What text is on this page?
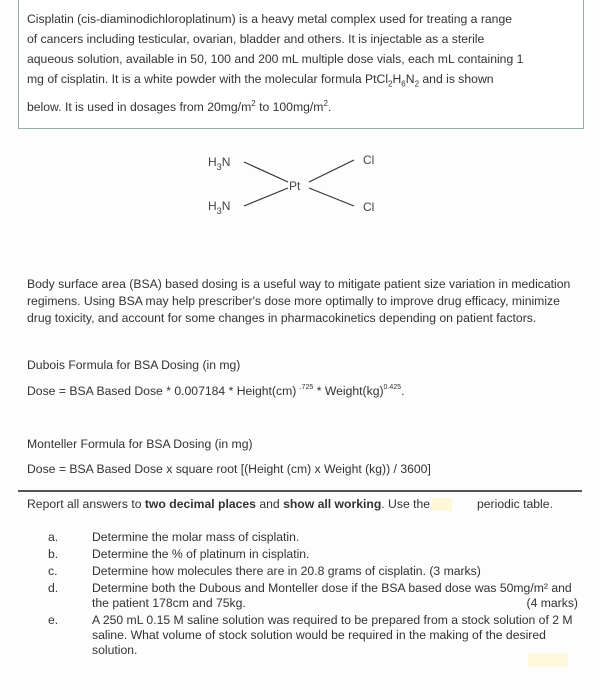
Cisplatin (cis-diaminodichloroplatinum) is a heavy metal complex used for treating a range
of cancers including testicular, ovarian, bladder and others. It is injectable as a sterile
aqueous solution, available in 50, 100 and 200 mL multiple dose vials, each mL containing 1
mg of cisplatin. It is a white powder with the molecular formula $PtCl_2H_6N_2$ and is shown
below. It is used in dosages from $20mg/m^2$ to $100mg/m^2$.
$H_3N$
$H_3N$
Pt
Cl
Cl
Body surface area (BSA) based dosing is a useful way to mitigate patient size variation in medication regimens. Using BSA may help prescriber's dose more optimally to improve drug efficacy, minimize drug toxicity, and account for some changes in pharmacokinetics depending on patient factors.
Dubois Formula for BSA Dosing (in mg)
Dose = BSA Based Dose * 0.007184 * Height(cm) $^{.725}$ * Weight(kg)$^{0.425}$.
Monteller Formula for BSA Dosing (in mg)
Dose = BSA Based Dose x square root [(Height (cm) x Weight (kg)) / 3600]
Report all answers to two decimal places and show all working. Use the	periodic table.
a.	Determine the molar mass of cisplatin.
b.	Determine the % of platinum in cisplatin.
c.	Determine how molecules there are in 20.8 grams of cisplatin. (3 marks)
d.	Determine both the Dubous and Monteller dose if the BSA based dose was 50mg/m² and the patient 178cm and 75kg.	(4 marks)
e.	A 250 mL 0.15 M saline solution was required to be prepared from a stock solution of 2 M saline. What volume of stock solution would be required in the making of the desired solution.
